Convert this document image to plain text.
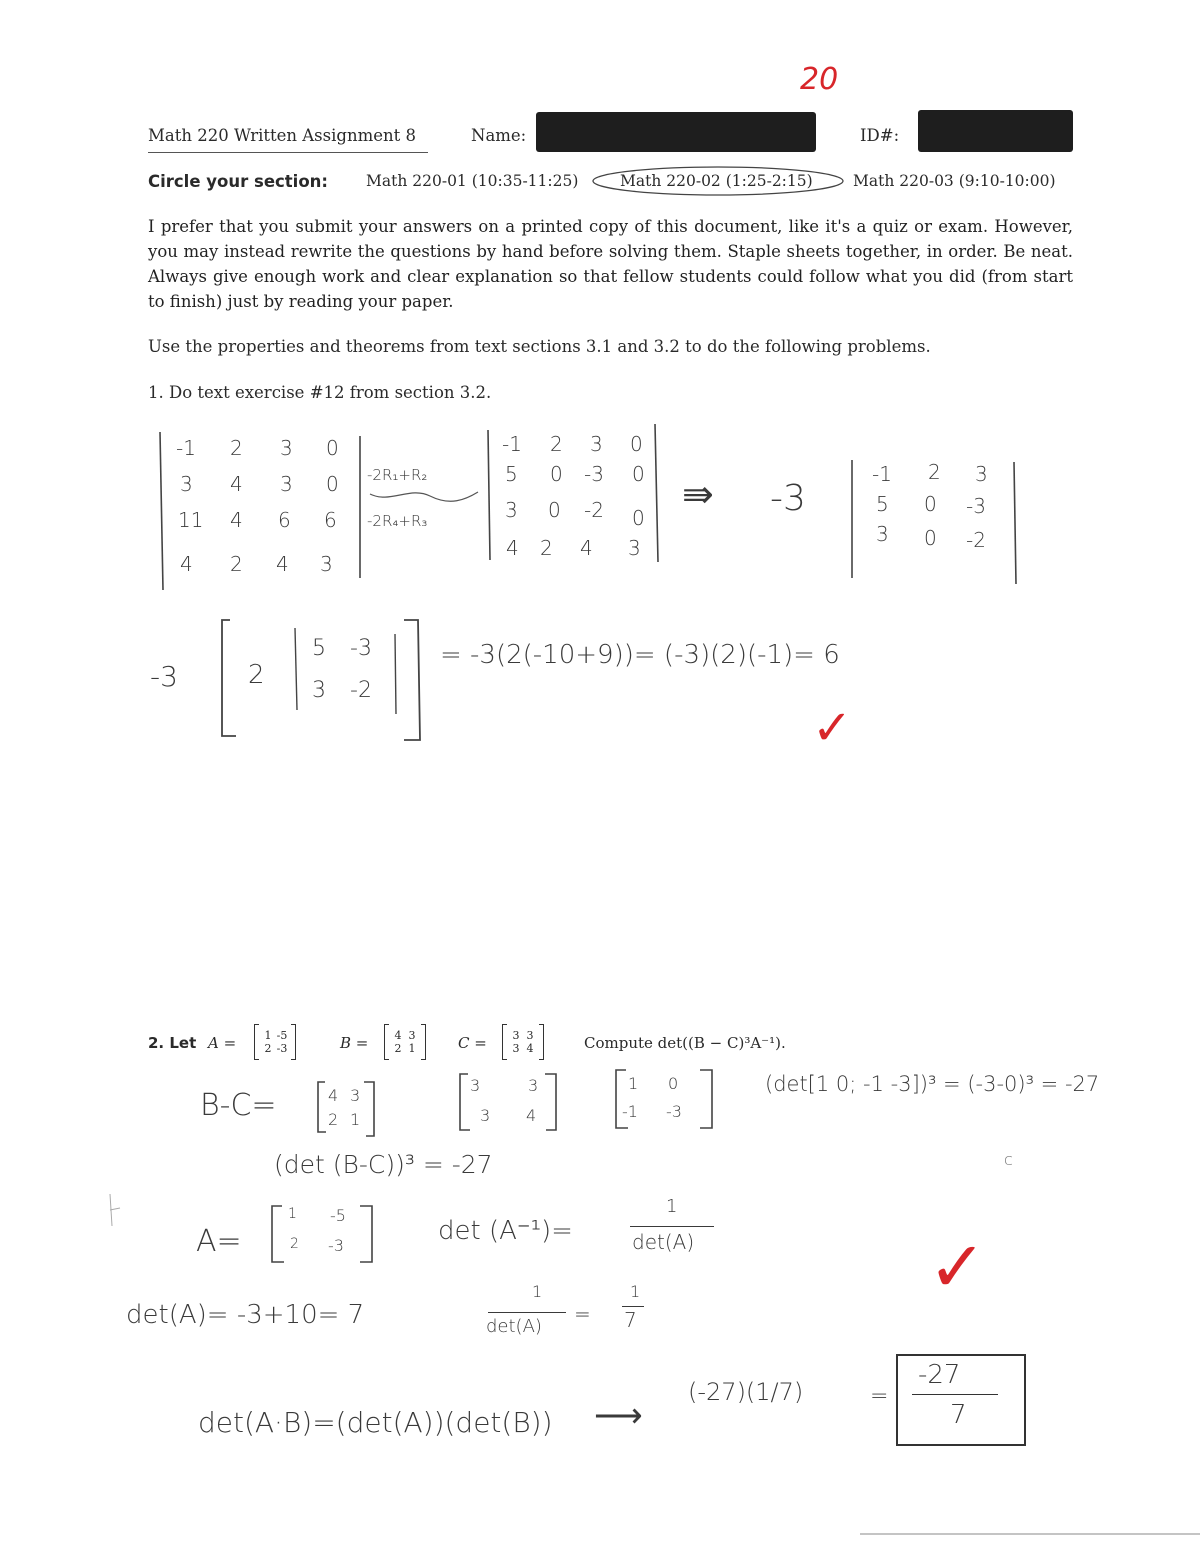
20
Math 220 Written Assignment 8	Name:	ID#:
Circle your section: Math 220-01 (10:35-11:25)	Math 220-02 (1:25-2:15)	Math 220-03 (9:10-10:00)
I prefer that you submit your answers on a printed copy of this document, like it's a quiz or exam. However, you may instead rewrite the questions by hand before solving them. Staple sheets together, in order. Be neat. Always give enough work and clear explanation so that fellow students could follow what you did (from start to finish) just by reading your paper.
Use the properties and theorems from text sections 3.1 and 3.2 to do the following problems.
1. Do text exercise #12 from section 3.2.
-1 2 3 0
3 4 3 0
11 4 6 6
4 2 4 3
-2R₁+R₂
-2R₄+R₃
-1 2 3 0
5 0 -3 0
3 0 -2 0
4 2 4 3
⇛ -3
-1 2 3
5 0 -3
3 0 -2
-3	2
5 -3
3 -2
= -3(2(-10+9))= (-3)(2)(-1)= 6
✓
2. Let A =	1 -5
2 -3	B =	4 3
2 1	C =	3 3
3 4	Compute det((B − C)³A⁻¹).
B-C=	4 3
2 1
3	3
3 4
1 0
-1 -3
(det[1 0; -1 -3])³ = (-3-0)³ = -27
(det (B-C))³ = -27
A=
1 -5
2 -3	det (A⁻¹)=
1
det(A)
det(A)= -3+10= 7
1
det(A)
=
1
7
✓
c
det(A·B)=(det(A))(det(B)) ⟶
(-27)(1/7)	=
-27
7
